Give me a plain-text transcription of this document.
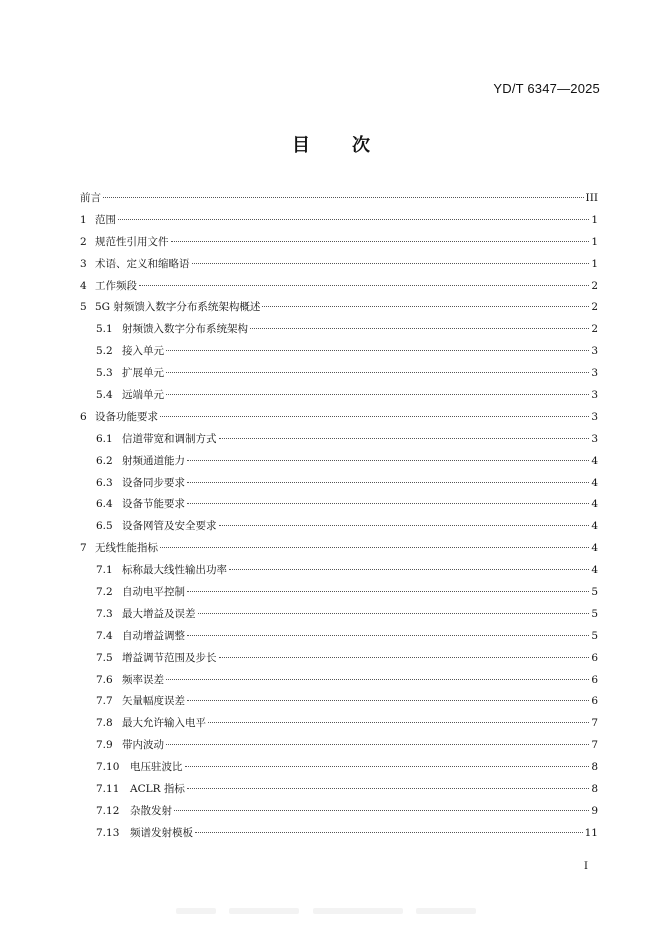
YD/T 6347—2025
目 次
前言	III
1 范围	1
2 规范性引用文件	1
3 术语、定义和缩略语	1
4 工作频段	2
5 5G 射频馈入数字分布系统架构概述	2
5.1 射频馈入数字分布系统架构	2
5.2 接入单元	3
5.3 扩展单元	3
5.4 远端单元	3
6 设备功能要求	3
6.1 信道带宽和调制方式	3
6.2 射频通道能力	4
6.3 设备同步要求	4
6.4 设备节能要求	4
6.5 设备网管及安全要求	4
7 无线性能指标	4
7.1 标称最大线性输出功率	4
7.2 自动电平控制	5
7.3 最大增益及误差	5
7.4 自动增益调整	5
7.5 增益调节范围及步长	6
7.6 频率误差	6
7.7 矢量幅度误差	6
7.8 最大允许输入电平	7
7.9 带内波动	7
7.10	电压驻波比	8
7.11	ACLR 指标	8
7.12	杂散发射	9
7.13	频谱发射模板	11
I
